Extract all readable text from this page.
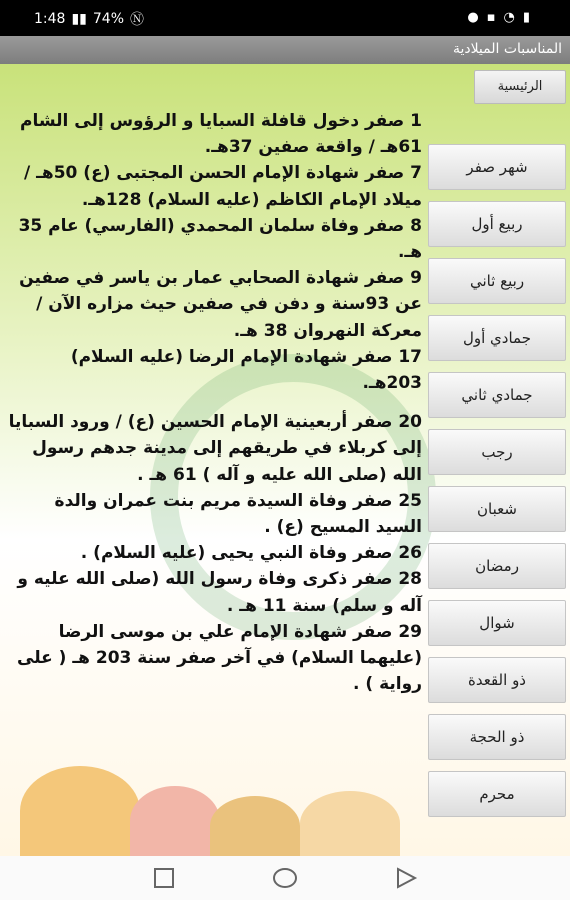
1:48 ▮▮ 74% Ⓝ	● ▪ ◔ ▮
المناسبات الميلادية
الرئيسية

1 صفر دخول قافلة السبايا و الرؤوس إلى الشام 61هـ / واقعة صفين 37هـ.

7 صفر شهادة الإمام الحسن المجتبى (ع) 50هـ / ميلاد الإمام الكاظم (عليه السلام) 128هـ.

8 صفر وفاة سلمان المحمدي (الفارسي) عام 35 هـ.

9 صفر شهادة الصحابي عمار بن ياسر في صفين عن 93سنة و دفن في صفين حيث مزاره الآن / معركة النهروان 38 هـ.

17 صفر شهادة الإمام الرضا (عليه السلام) 203هـ.

20 صفر أربعينية الإمام الحسين (ع) / ورود السبايا إلى كربلاء في طريقهم إلى مدينة جدهم رسول الله (صلى الله عليه و آله ) 61 هـ .

25 صفر وفاة السيدة مريم بنت عمران والدة السيد المسيح (ع) .

26 صفر وفاة النبي يحيى (عليه السلام) .

28 صفر ذكرى وفاة رسول الله (صلى الله عليه و آله و سلم) سنة 11 هـ .

29 صفر شهادة الإمام علي بن موسى الرضا (عليهما السلام) في آخر صفر سنة 203 هـ ( على رواية ) .

شهر صفر
ربيع أول
ربيع ثاني
جمادي أول
جمادي ثاني
رجب
شعبان
رمضان
شوال
ذو القعدة
ذو الحجة
محرم
